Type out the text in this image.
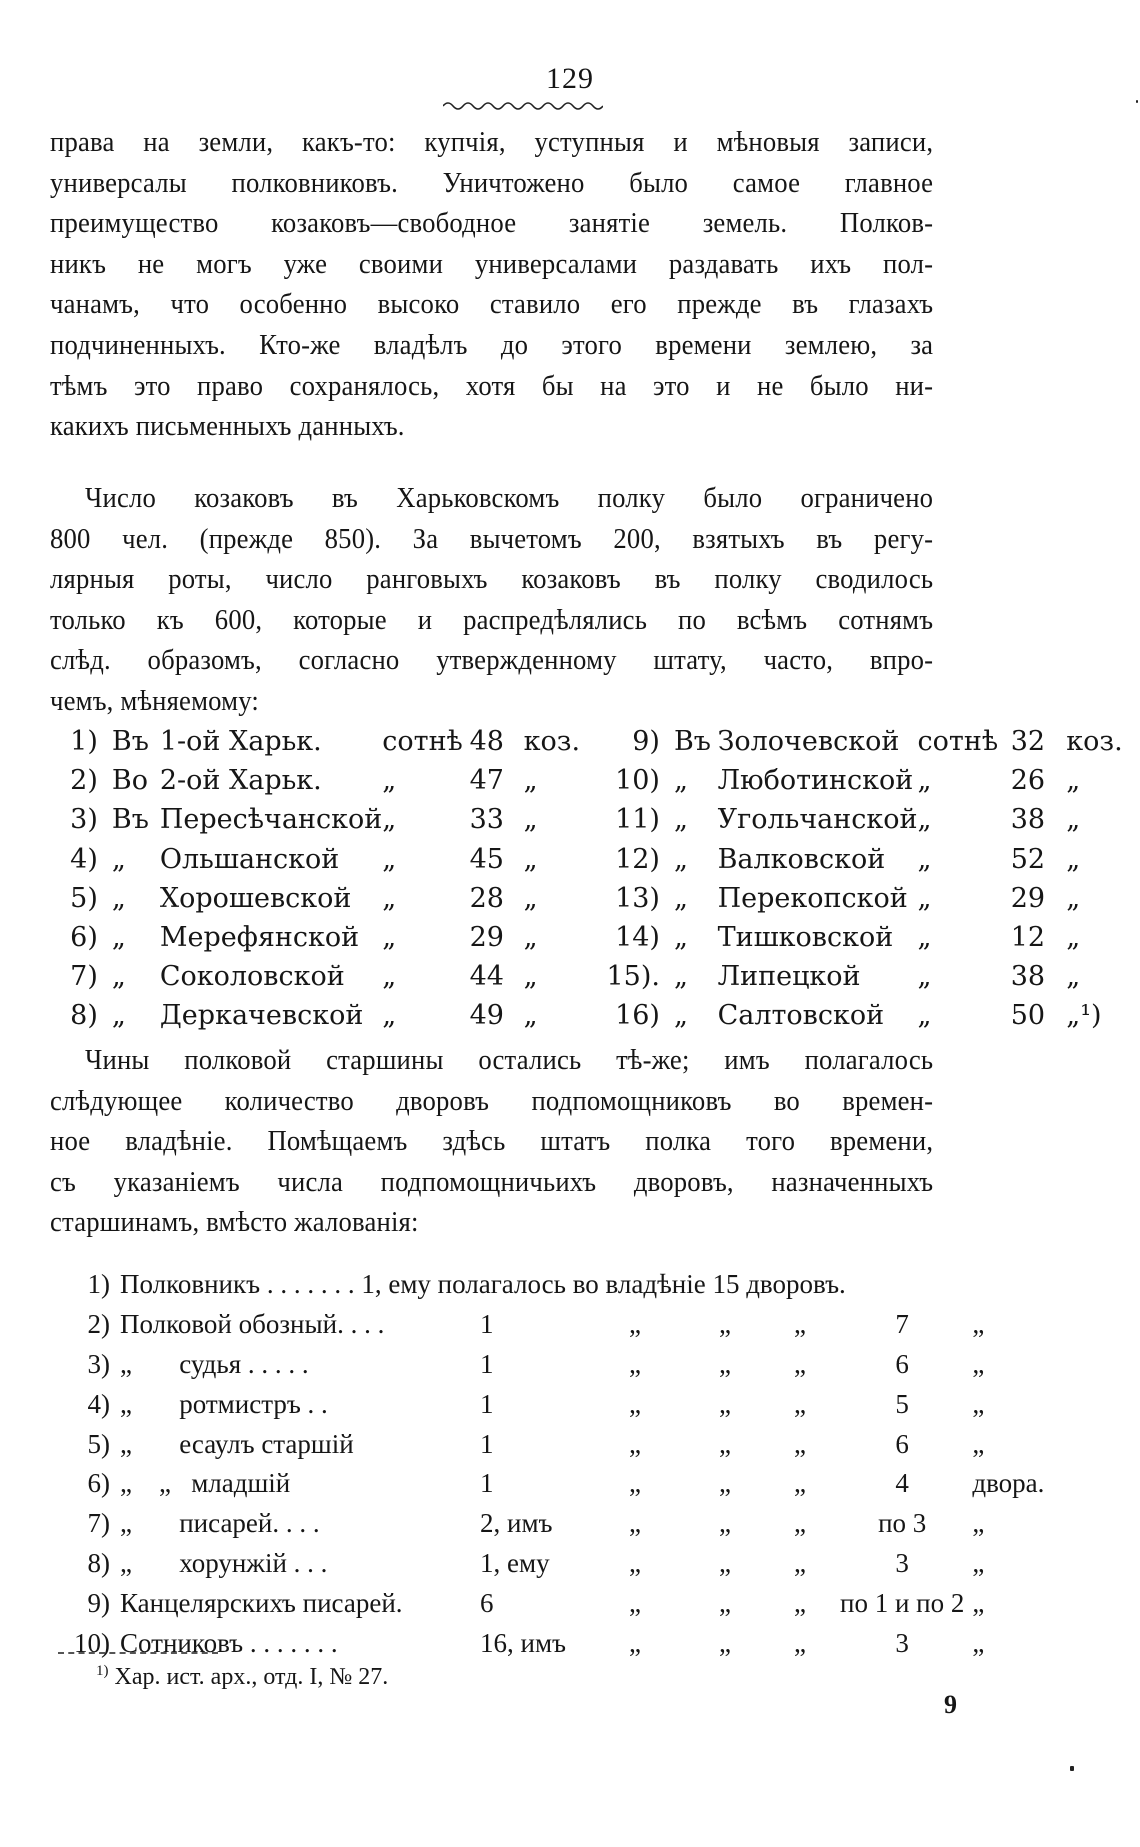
129
права на земли, какъ-то: купчія, уступныя и мѣновыя записи,
универсалы полковниковъ. Уничтожено было самое главное
преимущество козаковъ—свободное занятіе земель. Полков-
никъ не могъ уже своими универсалами раздавать ихъ пол-
чанамъ, что особенно высоко ставило его прежде въ глазахъ
подчиненныхъ. Кто-же владѣлъ до этого времени землею, за
тѣмъ это право сохранялось, хотя бы на это и не было ни-
какихъ письменныхъ данныхъ.
Число козаковъ въ Харьковскомъ полку было ограничено
800 чел. (прежде 850). За вычетомъ 200, взятыхъ въ регу-
лярныя роты, число ранговыхъ козаковъ въ полку сводилось
только къ 600, которые и распредѣлялись по всѣмъ сотнямъ
слѣд. образомъ, согласно утвержденному штату, часто, впро-
чемъ, мѣняемому:
1)	Въ	1-ой Харьк.	сотнѣ	48	коз.	9)	Въ	Золочевской	сотнѣ	32	коз.
2)	Во	2-ой Харьк.	„	47	„	10)	„	Люботинской	„	26	„
3)	Въ	Пересѣчанской	„	33	„	11)	„	Угольчанской	„	38	„
4)	„	Ольшанской	„	45	„	12)	„	Валковской	„	52	„
5)	„	Хорошевской	„	28	„	13)	„	Перекопской	„	29	„
6)	„	Мерефянской	„	29	„	14)	„	Тишковской	„	12	„
7)	„	Соколовской	„	44	„	15).	„	Липецкой	„	38	„
8)	„	Деркачевской	„	49	„	16)	„	Салтовской	„	50	„¹)
Чины полковой старшины остались тѣ-же; имъ полагалось
слѣдующее количество дворовъ подпомощниковъ во времен-
ное владѣніе. Помѣщаемъ здѣсь штатъ полка того времени,
съ указаніемъ числа подпомощничьихъ дворовъ, назначенныхъ
старшинамъ, вмѣсто жалованія:
1)	Полковникъ . . . . . . . 1, ему полагалось во владѣніе 15 дворовъ.						
2)	Полковой обозный. . . .	1	„	„	„	7	„
3)	„       судья . . . . .	1	„	„	„	6	„
4)	„       ротмистръ . .	1	„	„	„	5	„
5)	„       есаулъ старшій	1	„	„	„	6	„
6)	„    „   младшій	1	„	„	„	4	двора.
7)	„       писарей. . . .	2, имъ	„	„	„	по 3	„
8)	„       хорунжій . . .	1, ему	„	„	„	3	„
9)	Канцелярскихъ писарей.	6	„	„	„	по 1 и по 2	„
10)	Сотниковъ . . . . . . .	16, имъ	„	„	„	3	„
$^{1)}$ Хар. ист. арх., отд. I, № 27.
9
